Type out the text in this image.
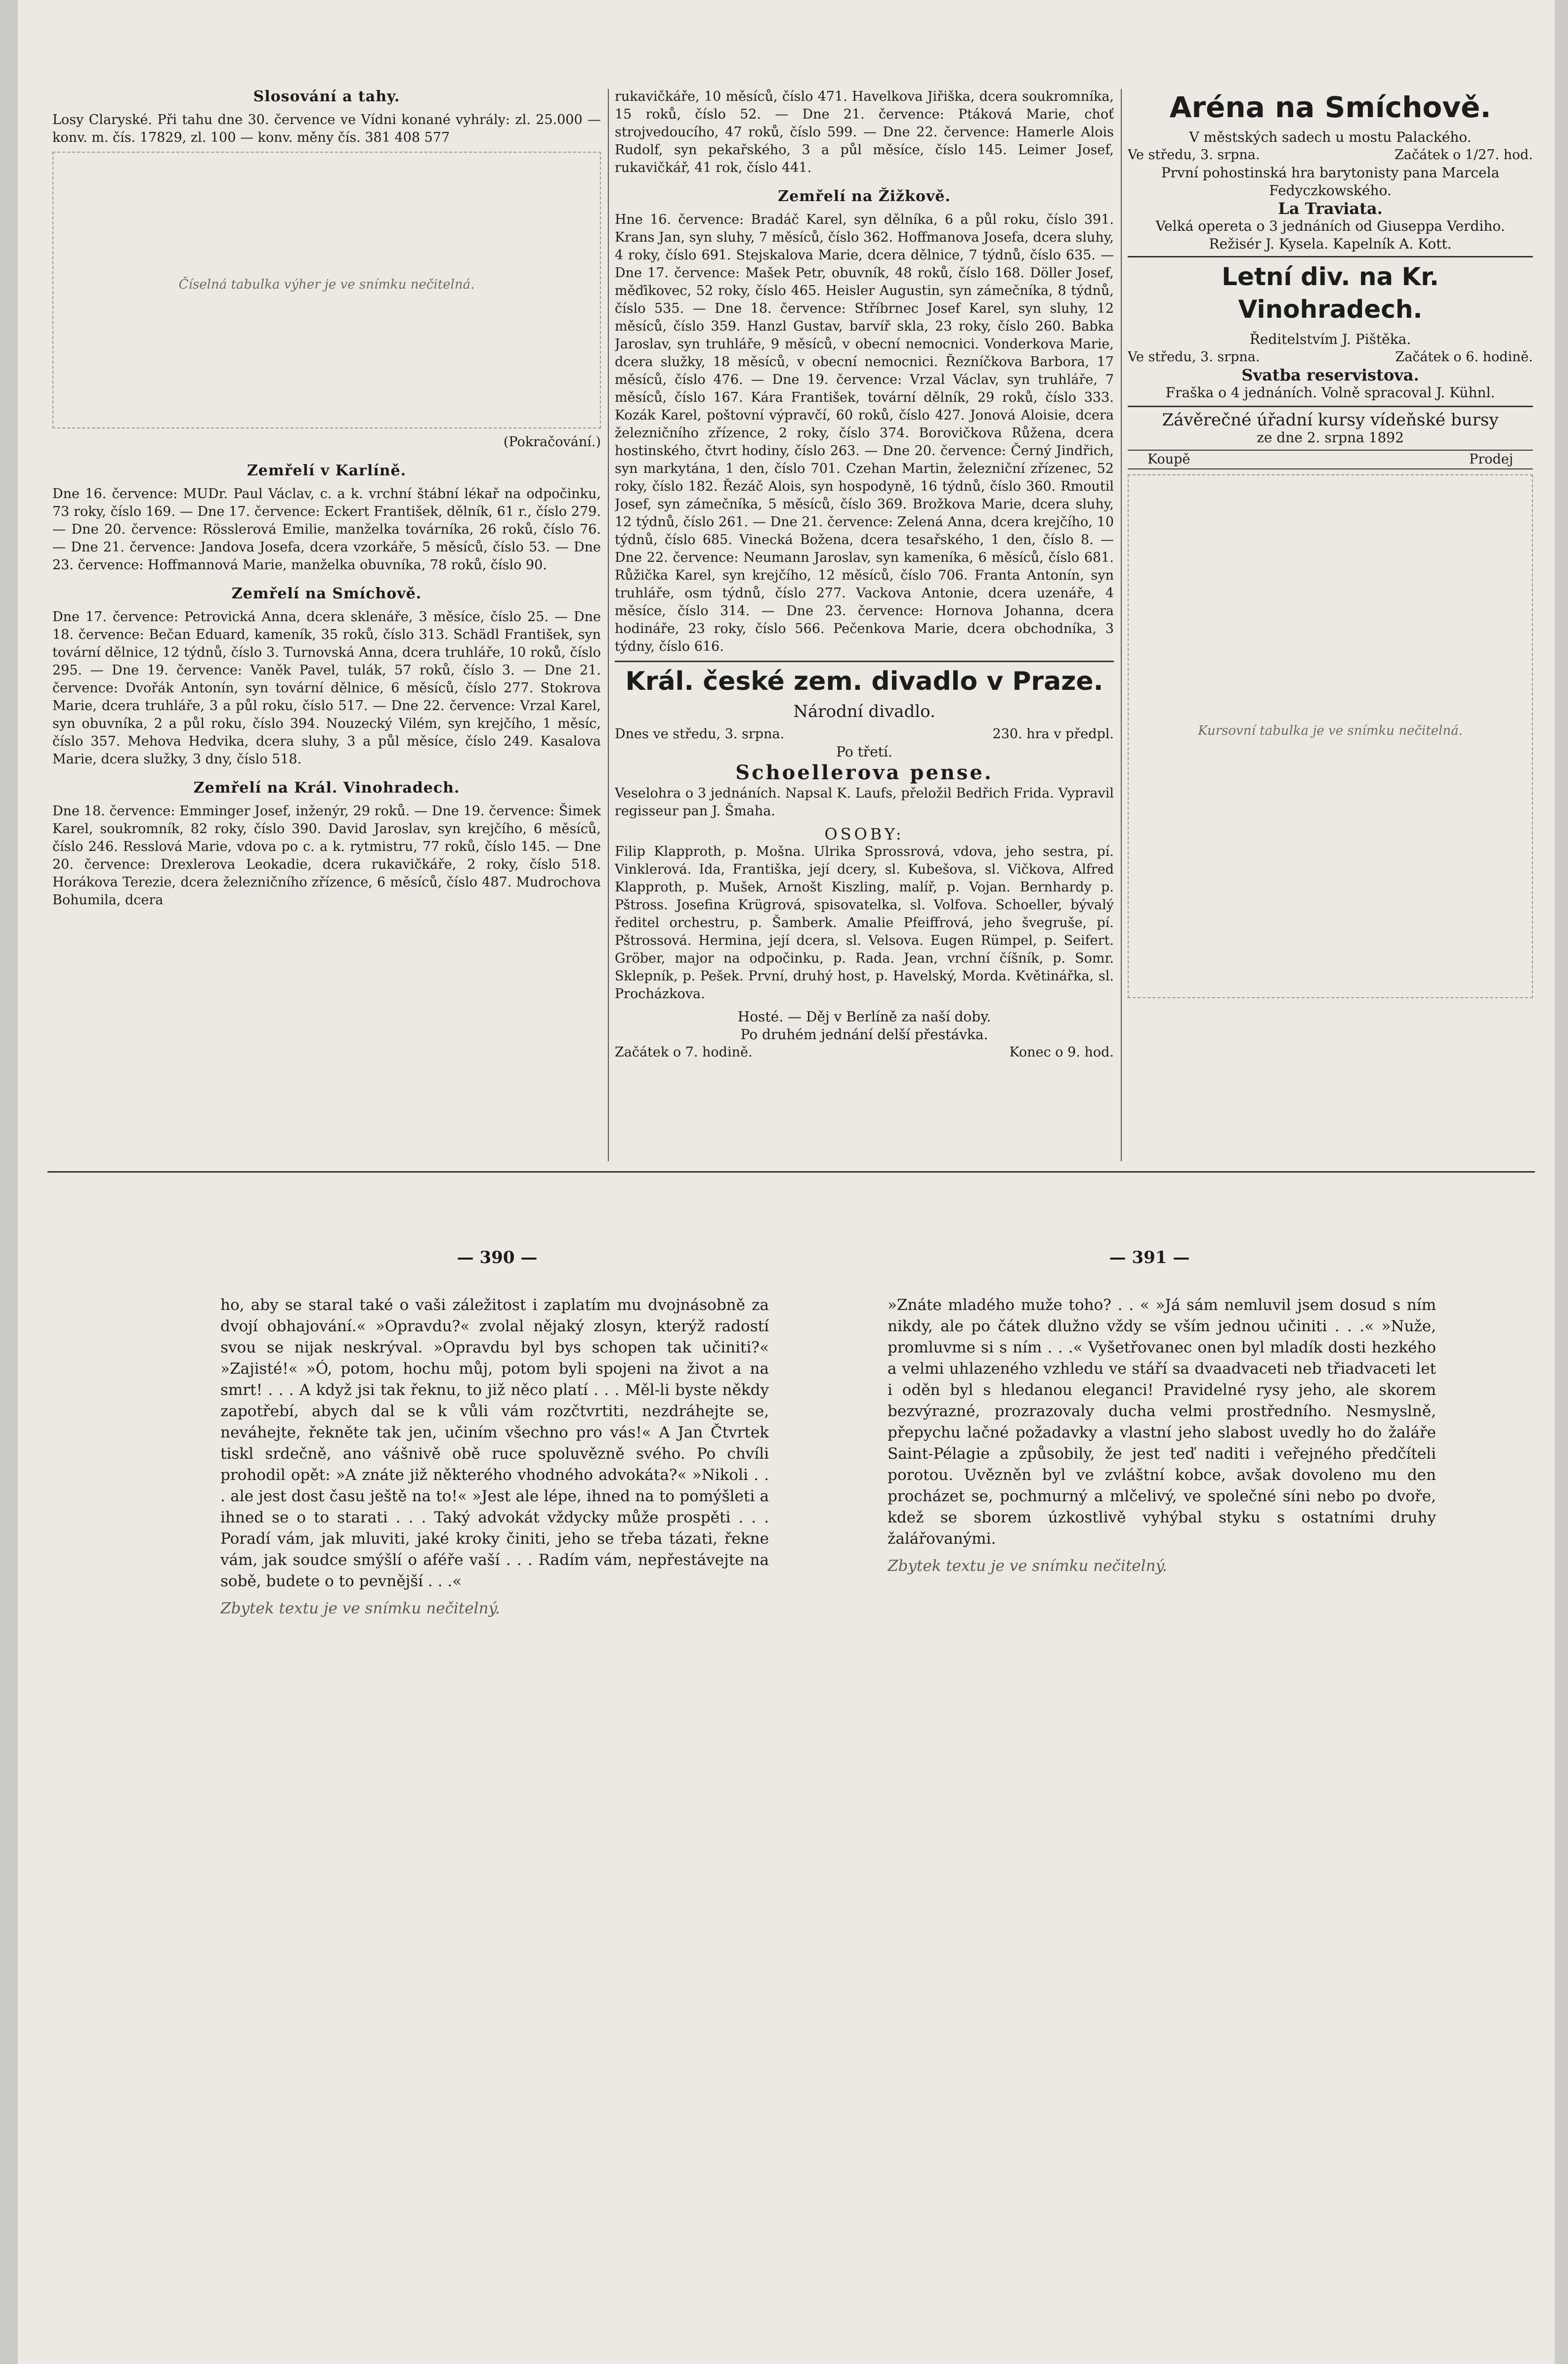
Slosování a tahy.

Losy Claryské. Při tahu dne 30. července ve Vídni konané vyhrály: zl. 25.000 — konv. m. čís. 17829, zl. 100 — konv. měny čís. 381 408 577

Číselná tabulka výher je ve snímku nečitelná.

(Pokračování.)

Zemřelí v Karlíně.

Dne 16. července: MUDr. Paul Václav, c. a k. vrchní štábní lékař na odpočinku, 73 roky, číslo 169. — Dne 17. července: Eckert František, dělník, 61 r., číslo 279. — Dne 20. července: Rösslerová Emilie, manželka továrníka, 26 roků, číslo 76. — Dne 21. července: Jandova Josefa, dcera vzorkáře, 5 měsíců, číslo 53. — Dne 23. července: Hoffmannová Marie, manželka obuvníka, 78 roků, číslo 90.

Zemřelí na Smíchově.

Dne 17. července: Petrovická Anna, dcera sklenáře, 3 měsíce, číslo 25. — Dne 18. července: Bečan Eduard, kameník, 35 roků, číslo 313. Schädl František, syn tovární dělnice, 12 týdnů, číslo 3. Turnovská Anna, dcera truhláře, 10 roků, číslo 295. — Dne 19. července: Vaněk Pavel, tulák, 57 roků, číslo 3. — Dne 21. července: Dvořák Antonín, syn tovární dělnice, 6 měsíců, číslo 277. Stokrova Marie, dcera truhláře, 3 a půl roku, číslo 517. — Dne 22. července: Vrzal Karel, syn obuvníka, 2 a půl roku, číslo 394. Nouzecký Vilém, syn krejčího, 1 měsíc, číslo 357. Mehova Hedvika, dcera sluhy, 3 a půl měsíce, číslo 249. Kasalova Marie, dcera služky, 3 dny, číslo 518.

Zemřelí na Král. Vinohradech.

Dne 18. července: Emminger Josef, inženýr, 29 roků. — Dne 19. července: Šimek Karel, soukromník, 82 roky, číslo 390. David Jaroslav, syn krejčího, 6 měsíců, číslo 246. Resslová Marie, vdova po c. a k. rytmistru, 77 roků, číslo 145. — Dne 20. července: Drexlerova Leokadie, dcera rukavičkáře, 2 roky, číslo 518. Horákova Terezie, dcera železničního zřízence, 6 měsíců, číslo 487. Mudrochova Bohumila, dcera

rukavičkáře, 10 měsíců, číslo 471. Havelkova Jiřiška, dcera soukromníka, 15 roků, číslo 52. — Dne 21. července: Ptáková Marie, choť strojvedoucího, 47 roků, číslo 599. — Dne 22. července: Hamerle Alois Rudolf, syn pekařského, 3 a půl měsíce, číslo 145. Leimer Josef, rukavičkář, 41 rok, číslo 441.

Zemřelí na Žižkově.

Hne 16. července: Bradáč Karel, syn dělníka, 6 a půl roku, číslo 391. Krans Jan, syn sluhy, 7 měsíců, číslo 362. Hoffmanova Josefa, dcera sluhy, 4 roky, číslo 691. Stejskalova Marie, dcera dělnice, 7 týdnů, číslo 635. — Dne 17. července: Mašek Petr, obuvník, 48 roků, číslo 168. Döller Josef, měďikovec, 52 roky, číslo 465. Heisler Augustin, syn zámečníka, 8 týdnů, číslo 535. — Dne 18. července: Stříbrnec Josef Karel, syn sluhy, 12 měsíců, číslo 359. Hanzl Gustav, barvíř skla, 23 roky, číslo 260. Babka Jaroslav, syn truhláře, 9 měsíců, v obecní nemocnici. Vonderkova Marie, dcera služky, 18 měsíců, v obecní nemocnici. Řezníčkova Barbora, 17 měsíců, číslo 476. — Dne 19. července: Vrzal Václav, syn truhláře, 7 měsíců, číslo 167. Kára František, tovární dělník, 29 roků, číslo 333. Kozák Karel, poštovní výpravčí, 60 roků, číslo 427. Jonová Aloisie, dcera železničního zřízence, 2 roky, číslo 374. Borovičkova Růžena, dcera hostinského, čtvrt hodiny, číslo 263. — Dne 20. července: Černý Jindřich, syn markytána, 1 den, číslo 701. Czehan Martin, železniční zřízenec, 52 roky, číslo 182. Řezáč Alois, syn hospodyně, 16 týdnů, číslo 360. Rmoutil Josef, syn zámečníka, 5 měsíců, číslo 369. Brožkova Marie, dcera sluhy, 12 týdnů, číslo 261. — Dne 21. července: Zelená Anna, dcera krejčího, 10 týdnů, číslo 685. Vinecká Božena, dcera tesařského, 1 den, číslo 8. — Dne 22. července: Neumann Jaroslav, syn kameníka, 6 měsíců, číslo 681. Růžička Karel, syn krejčího, 12 měsíců, číslo 706. Franta Antonín, syn truhláře, osm týdnů, číslo 277. Vackova Antonie, dcera uzenáře, 4 měsíce, číslo 314. — Dne 23. července: Hornova Johanna, dcera hodináře, 23 roky, číslo 566. Pečenkova Marie, dcera obchodníka, 3 týdny, číslo 616.

Král. české zem. divadlo v Praze.
Národní divadlo.
Dnes ve středu, 3. srpna.	230. hra v předpl.
Po třetí.
Schoellerova pense.

Veselohra o 3 jednáních. Napsal K. Laufs, přeložil Bedřich Frida. Vypravil regisseur pan J. Šmaha.

OSOBY:

Filip Klapproth, p. Mošna. Ulrika Sprossrová, vdova, jeho sestra, pí. Vinklerová. Ida, Františka, její dcery, sl. Kubešova, sl. Vičkova, Alfred Klapproth, p. Mušek, Arnošt Kiszling, malíř, p. Vojan. Bernhardy p. Pštross. Josefina Krügrová, spisovatelka, sl. Volfova. Schoeller, bývalý ředitel orchestru, p. Šamberk. Amalie Pfeiffrová, jeho švegruše, pí. Pštrossová. Hermina, její dcera, sl. Velsova. Eugen Rümpel, p. Seifert. Gröber, major na odpočinku, p. Rada. Jean, vrchní číšník, p. Somr. Sklepník, p. Pešek. První, druhý host, p. Havelský, Morda. Květinářka, sl. Procházkova.

Hosté. — Děj v Berlíně za naší doby.
Po druhém jednání delší přestávka.
Začátek o 7. hodině.	Konec o 9. hod.
Aréna na Smíchově.
V městských sadech u mostu Palackého.
Ve středu, 3. srpna.	Začátek o 1/27. hod.
První pohostinská hra barytonisty pana Marcela Fedyczkowského.
La Traviata.
Velká opereta o 3 jednáních od Giuseppa Verdiho.
Režisér J. Kysela. Kapelník A. Kott.
Letní div. na Kr. Vinohradech.
Ředitelstvím J. Pištěka.
Ve středu, 3. srpna.	Začátek o 6. hodině.
Svatba reservistova.
Fraška o 4 jednáních. Volně spracoval J. Kühnl.
Závěrečné úřadní kursy vídeňské bursy
ze dne 2. srpna 1892
Koupě	Prodej
Kursovní tabulka je ve snímku nečitelná.
— 390 —	— 391 —

ho, aby se staral také o vaši záležitost i zaplatím mu dvojnásobně za dvojí obhajování.« »Opravdu?« zvolal nějaký zlosyn, kterýž radostí svou se nijak neskrýval. »Opravdu byl bys schopen tak učiniti?« »Zajisté!« »Ó, potom, hochu můj, potom byli spojeni na život a na smrt! . . . A když jsi tak řeknu, to již něco platí . . . Měl-li byste někdy zapotřebí, abych dal se k vůli vám rozčtvrtiti, nezdráhejte se, neváhejte, řekněte tak jen, učiním všechno pro vás!« A Jan Čtvrtek tiskl srdečně, ano vášnivě obě ruce spoluvězně svého. Po chvíli prohodil opět: »A znáte již některého vhodného advokáta?« »Nikoli . . . ale jest dost času ještě na to!« »Jest ale lépe, ihned na to pomýšleti a ihned se o to starati . . . Taký advokát vždycky může prospěti . . . Poradí vám, jak mluviti, jaké kroky činiti, jeho se třeba tázati, řekne vám, jak soudce smýšlí o aféře vaší . . . Radím vám, nepřestávejte na sobě, budete o to pevnější . . .«

Zbytek textu je ve snímku nečitelný.

»Znáte mladého muže toho? . . « »Já sám nemluvil jsem dosud s ním nikdy, ale po čátek dlužno vždy se vším jednou učiniti . . .« »Nuže, promluvme si s ním . . .« Vyšetřovanec onen byl mladík dosti hezkého a velmi uhlazeného vzhledu ve stáří sa dvaadvaceti neb třiadvaceti let i oděn byl s hledanou eleganci! Pravidelné rysy jeho, ale skorem bezvýrazné, prozrazovaly ducha velmi prostředního. Nesmyslně, přepychu lačné požadavky a vlastní jeho slabost uvedly ho do žaláře Saint-Pélagie a způsobily, že jest teď naditi i veřejného předčíteli porotou. Uvězněn byl ve zvláštní kobce, avšak dovoleno mu den procházet se, pochmurný a mlčelivý, ve společné síni nebo po dvoře, kdež se sborem úzkostlivě vyhýbal styku s ostatními druhy žalářovanými.

Zbytek textu je ve snímku nečitelný.
